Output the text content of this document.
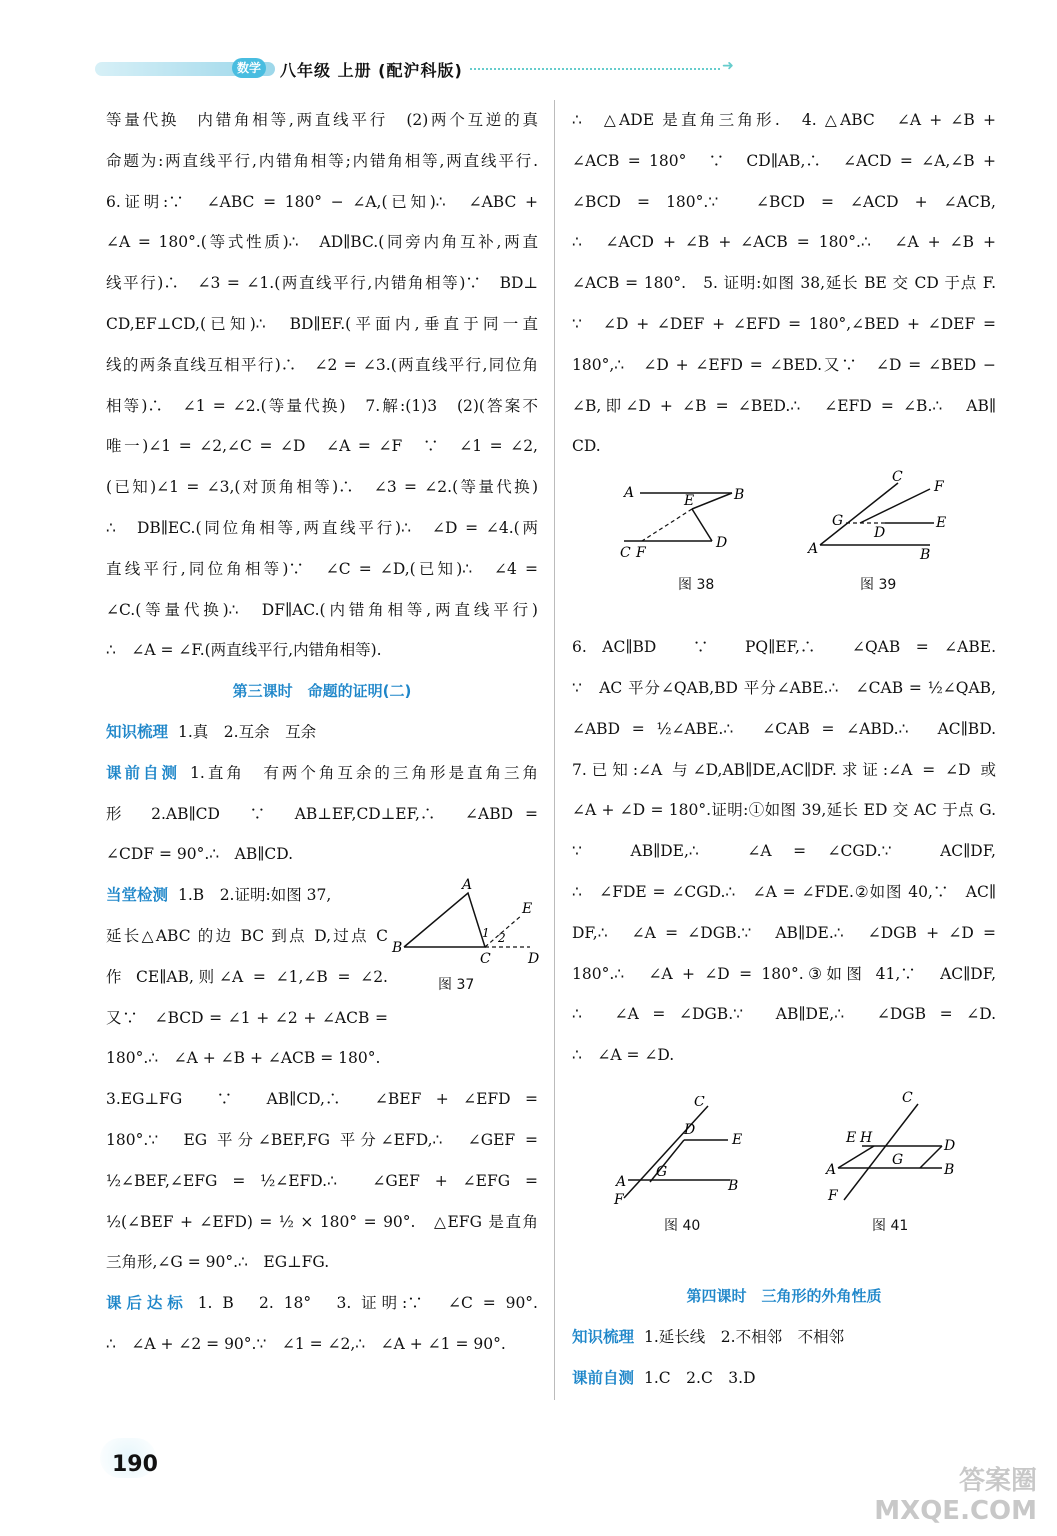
数学	八年级 上册 (配沪科版)	➜
等量代换　内错角相等,两直线平行　(2)两个互逆的真
命题为:两直线平行,内错角相等;内错角相等,两直线平行.
6.证明:∵　∠ABC = 180° − ∠A,(已知)∴　∠ABC +
∠A = 180°.(等式性质)∴　AD∥BC.(同旁内角互补,两直
线平行)∴　∠3 = ∠1.(两直线平行,内错角相等)∵　BD⊥
CD,EF⊥CD,(已知)∴　BD∥EF.(平面内,垂直于同一直
线的两条直线互相平行)∴　∠2 = ∠3.(两直线平行,同位角
相等)∴　∠1 = ∠2.(等量代换)　7.解:(1)3　(2)(答案不
唯一)∠1 = ∠2,∠C = ∠D　∠A = ∠F　∵　∠1 = ∠2,
(已知)∠1 = ∠3,(对顶角相等)∴　∠3 = ∠2.(等量代换)
∴　DB∥EC.(同位角相等,两直线平行)∴　∠D = ∠4.(两
直线平行,同位角相等)∵　∠C = ∠D,(已知)∴　∠4 =
∠C.(等量代换)∴　DF∥AC.(内错角相等,两直线平行)
∴　∠A = ∠F.(两直线平行,内错角相等).
第三课时　命题的证明(二)
知识梳理 1.真　2.互余　互余
课前自测 1.直角　有两个角互余的三角形是直角三角
形　2.AB∥CD　∵　AB⊥EF,CD⊥EF,∴　∠ABD =
∠CDF = 90°.∴　AB∥CD.
当堂检测 1.B　2.证明:如图 37,
延长△ABC 的边 BC 到点 D,过点 C
作 CE∥AB,则∠A = ∠1,∠B = ∠2.
又∵　∠BCD = ∠1 + ∠2 + ∠ACB =
180°.∴　∠A + ∠B + ∠ACB = 180°.
A
B
C	D
E
1 2
图 37
3.EG⊥FG　∵　AB∥CD,∴　∠BEF + ∠EFD =
180°.∵　EG 平分∠BEF,FG 平分∠EFD,∴　∠GEF =
½∠BEF,∠EFG = ½∠EFD.∴　∠GEF + ∠EFG =
½(∠BEF + ∠EFD) = ½ × 180° = 90°.　△EFG 是直角
三角形,∠G = 90°.∴　EG⊥FG.
课后达标 1. B　2. 18°　3. 证明:∵　∠C = 90°.
∴　∠A + ∠2 = 90°.∵　∠1 = ∠2,∴　∠A + ∠1 = 90°.
∴　△ADE 是直角三角形.　4. △ABC　∠A + ∠B +
∠ACB = 180°　∵　CD∥AB,∴　∠ACD = ∠A,∠B +
∠BCD = 180°.∵　∠BCD = ∠ACD + ∠ACB,
∴　∠ACD + ∠B + ∠ACB = 180°.∴　∠A + ∠B +
∠ACB = 180°.　5. 证明:如图 38,延长 BE 交 CD 于点 F.
∵　∠D + ∠DEF + ∠EFD = 180°,∠BED + ∠DEF =
180°,∴　∠D + ∠EFD = ∠BED.又∵　∠D = ∠BED −
∠B,即∠D + ∠B = ∠BED.∴　∠EFD = ∠B.∴　AB∥
CD.
A	B
E
C F
D
图 38
C
F
G
D
E
A	B
图 39
6. AC∥BD　∵　PQ∥EF,∴　∠QAB = ∠ABE.
∵　AC 平分∠QAB,BD 平分∠ABE.∴　∠CAB = ½∠QAB,
∠ABD = ½∠ABE.∴　∠CAB = ∠ABD.∴　AC∥BD.
7.已知:∠A 与∠D,AB∥DE,AC∥DF.求证:∠A = ∠D 或
∠A + ∠D = 180°.证明:①如图 39,延长 ED 交 AC 于点 G.
∵　AB∥DE,∴　∠A = ∠CGD.∵　AC∥DF,
∴　∠FDE = ∠CGD.∴　∠A = ∠FDE.②如图 40,∵　AC∥
DF,∴　∠A = ∠DGB.∵　AB∥DE.∴　∠DGB + ∠D =
180°.∴　∠A + ∠D = 180°.③如图 41,∵　AC∥DF,
∴　∠A = ∠DGB.∵　AB∥DE,∴　∠DGB = ∠D.
∴　∠A = ∠D.
C
D
E
A
G
B
F
图 40
C
E H	D
A
G
B
F
图 41
第四课时　三角形的外角性质
知识梳理 1.延长线　2.不相邻　不相邻
课前自测 1.C　2.C　3.D
190
答案圈
MXQE.COM
